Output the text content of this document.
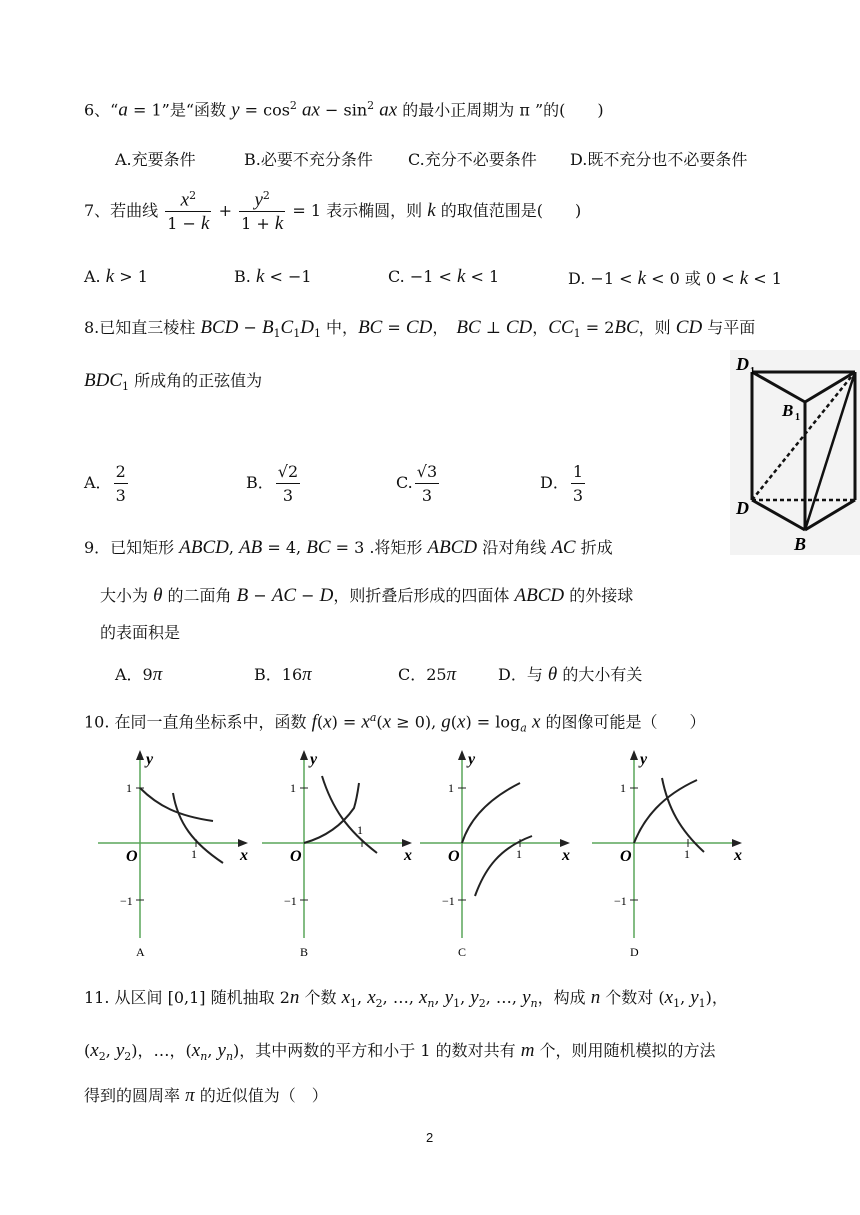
6、“a = 1”是“函数 $y = \cos^2$ ax − $\sin^2$ ax 的最小正周期为 π ”的(　　)
A.充要条件	B.必要不充分条件 C.充分不必要条件 D.既不充分也不必要条件
7、若曲线 $\frac{x^2}{1 - k} + \frac{y^2}{1 + k} = 1$ 表示椭圆，则 k 的取值范围是(　　)
A. k > 1	B. k < −1	C. −1 < k < 1	D. −1 < k < 0 或 0 < k < 1
8.已知直三棱柱 BCD − $B_1C_1D_1$ 中，BC = CD，　BC ⊥ CD，$CC_1 = 2BC$，则 CD 与平面
$BDC_1$ 所成角的正弦值为
A． $\frac{2}{3}$	B． $\frac{√2}{3}$	C. $\frac{√3}{3}$	D． $\frac{1}{3}$
D 1
B 1
D
B
9．已知矩形 ABCD, AB = 4, BC = 3 .将矩形 ABCD 沿对角线 AC 折成
大小为 θ 的二面角 B − AC − D，则折叠后形成的四面体 ABCD 的外接球
的表面积是
A．9π	B．16π	C．25π	D．与 θ 的大小有关
10. 在同一直角坐标系中，函数 $f(x) = x^a(x \ge 0)$, $g(x) = \log_a x$ 的图像可能是（　　）
y
x
O
1
1
−1
A
y
x
O
1
1
−1
B
y
x
O
1
1
−1
C
y
x
O
1
1
−1
D
11. 从区间 [0,1] 随机抽取 2n 个数 $x_1$, $x_2$, …, $x_n$, $y_1$, $y_2$, …, $y_n$，构成 n 个数对 ($x_1$, $y_1$)，
($x_2$, $y_2$)，…，($x_n$, $y_n$)，其中两数的平方和小于 1 的数对共有 m 个，则用随机模拟的方法
得到的圆周率 π 的近似值为（　）
2
